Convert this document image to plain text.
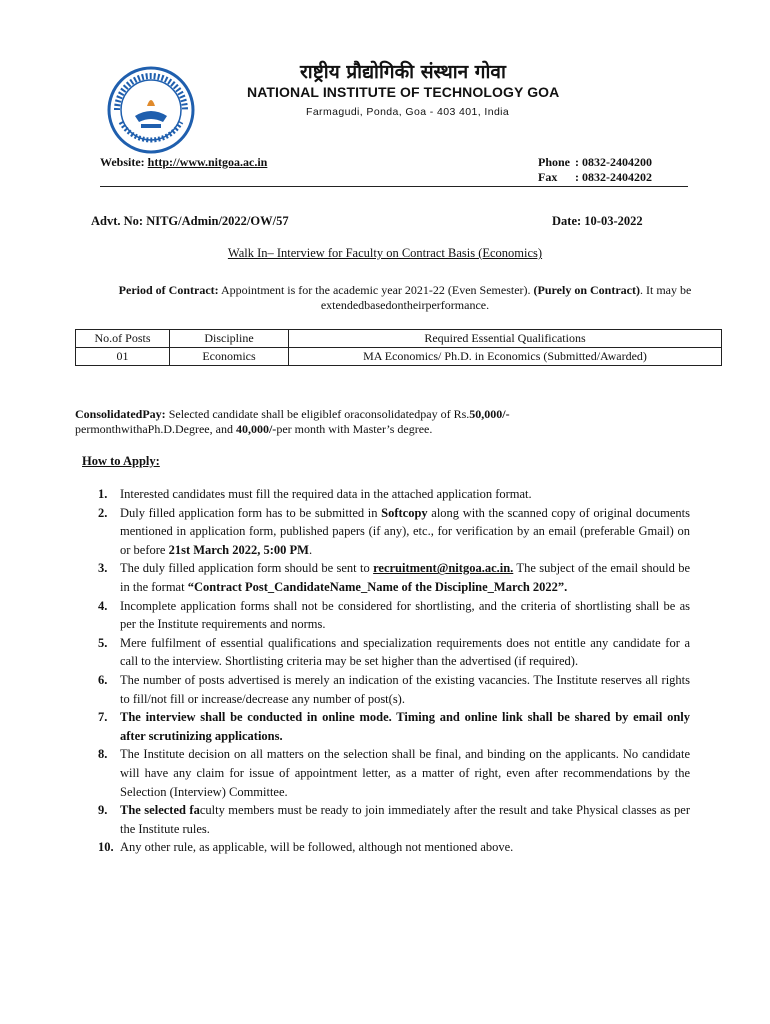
राष्ट्रीय प्रौद्योगिकी संस्थान गोवा
NATIONAL INSTITUTE OF TECHNOLOGY GOA
Farmagudi, Ponda, Goa - 403 401, India
Website: http://www.nitgoa.ac.in	Phone : 0832-2404200
Fax : 0832-2404202
Advt. No: NITG/Admin/2022/OW/57	Date: 10-03-2022
Walk In– Interview for Faculty on Contract Basis (Economics)
Period of Contract: Appointment is for the academic year 2021-22 (Even Semester). (Purely on Contract). It may be extendedbasedontheirperformance.
No.of Posts	Discipline	Required Essential Qualifications
01	Economics	MA Economics/ Ph.D. in Economics (Submitted/Awarded)
ConsolidatedPay: Selected candidate shall be eligiblef oraconsolidatedpay of Rs.50,000/-
permonthwithaPh.D.Degree, and 40,000/-per month with Master’s degree.
How to Apply:
1.	Interested candidates must fill the required data in the attached application format.
2.	Duly filled application form has to be submitted in Softcopy along with the scanned copy of original documents mentioned in application form, published papers (if any), etc., for verification by an email (preferable Gmail) on or before 21st March 2022, 5:00 PM.
3.	The duly filled application form should be sent to recruitment@nitgoa.ac.in. The subject of the email should be in the format “Contract Post_CandidateName_Name of the Discipline_March 2022”.
4.	Incomplete application forms shall not be considered for shortlisting, and the criteria of shortlisting shall be as per the Institute requirements and norms.
5.	Mere fulfilment of essential qualifications and specialization requirements does not entitle any candidate for a call to the interview. Shortlisting criteria may be set higher than the advertised (if required).
6.	The number of posts advertised is merely an indication of the existing vacancies. The Institute reserves all rights to fill/not fill or increase/decrease any number of post(s).
7.	The interview shall be conducted in online mode. Timing and online link shall be shared by email only after scrutinizing applications.
8.	The Institute decision on all matters on the selection shall be final, and binding on the applicants. No candidate will have any claim for issue of appointment letter, as a matter of right, even after recommendations by the Selection (Interview) Committee.
9.	The selected faculty members must be ready to join immediately after the result and take Physical classes as per the Institute rules.
10. Any other rule, as applicable, will be followed, although not mentioned above.
